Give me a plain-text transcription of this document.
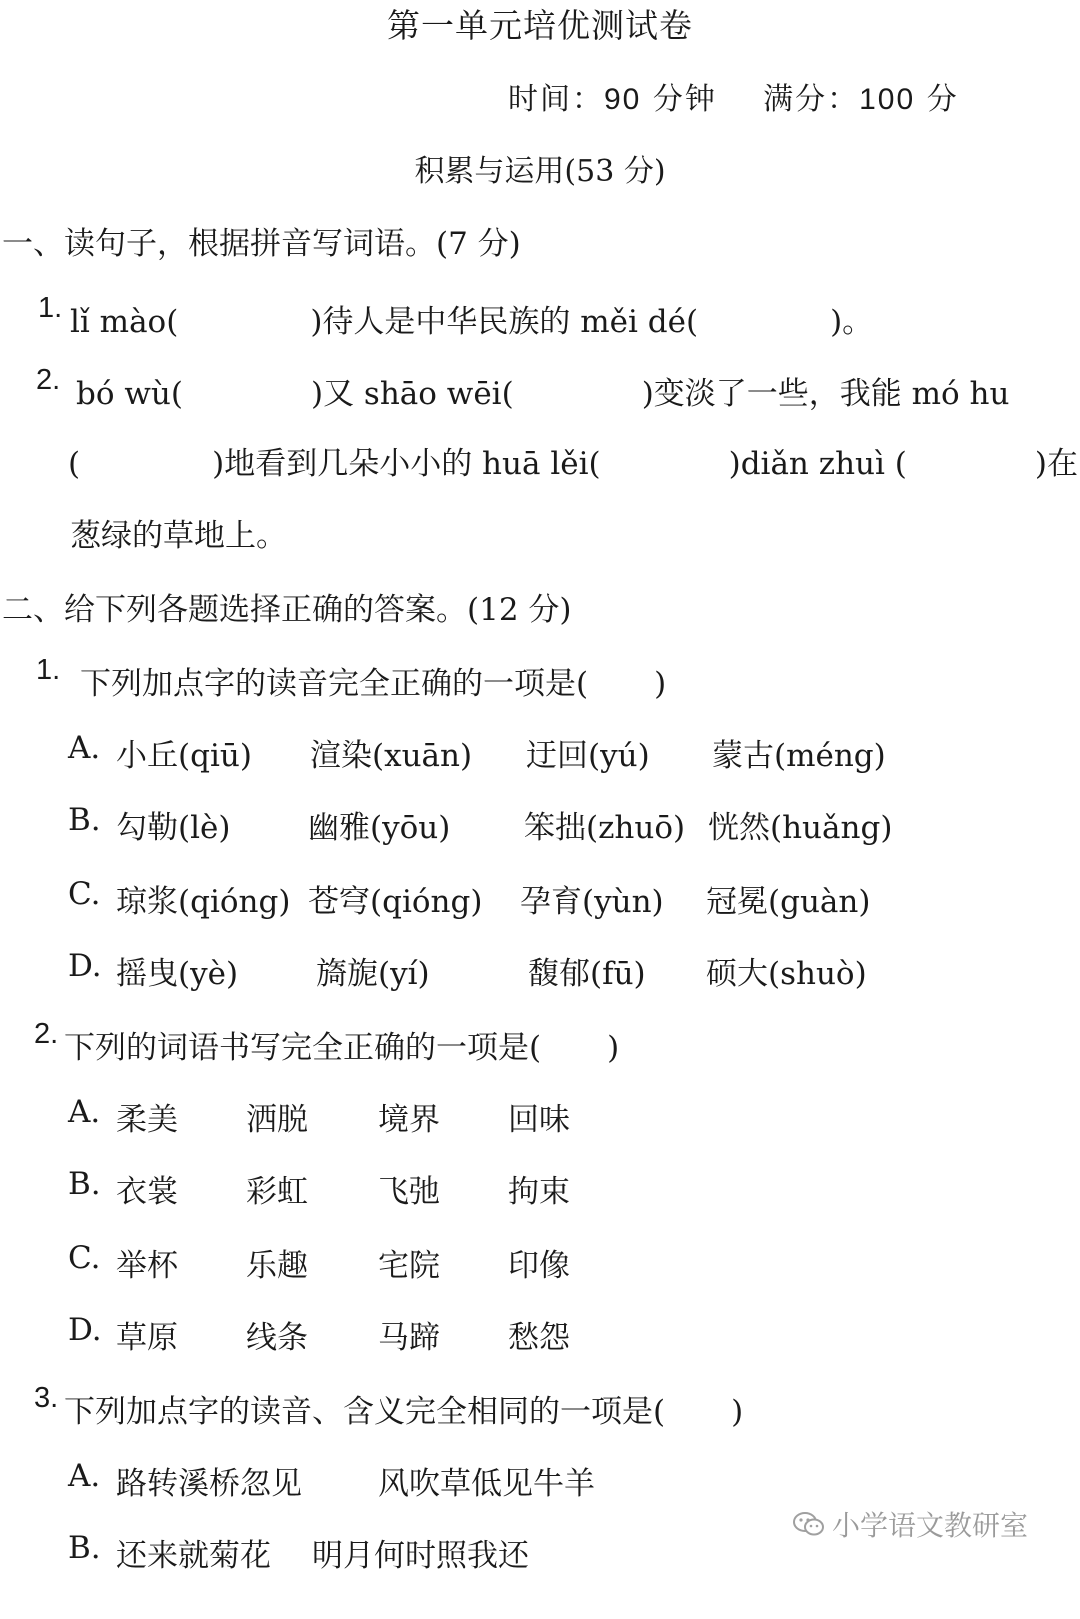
第一单元培优测试卷
时间：90 分钟 满分：100 分
积累与运用(53 分)
一、读句子，根据拼音写词语。(7 分)
1. lǐ mào(	)待人是中华民族的 měi dé(	)。
2. bó wù(	)又 shāo wēi(	)变淡了一些，我能 mó hu
(	)地看到几朵小小的 huā lěi(	)diǎn zhuì (	)在
葱绿的草地上。
二、给下列各题选择正确的答案。(12 分)
1. 下列加点字的读音完全正确的一项是( )
A. 小丘(qiū) 渲染(xuān) 迂回(yú) 蒙古(méng)
B. 勾勒(lè)	幽雅(yōu) 笨拙(zhuō) 恍然(huǎng)
C. 琼浆(qióng) 苍穹(qióng) 孕育(yùn) 冠冕(guàn)
D. 摇曳(yè)	旖旎(yí)	馥郁(fū) 硕大(shuò)
2. 下列的词语书写完全正确的一项是( )
A. 柔美 洒脱 境界 回味
B. 衣裳 彩虹 飞弛 拘束
C. 举杯 乐趣 宅院 印像
D. 草原 线条 马蹄 愁怨
3. 下列加点字的读音、含义完全相同的一项是( )
A. 路转溪桥忽见 风吹草低见牛羊
B. 还来就菊花 明月何时照我还
小学语文教研室
